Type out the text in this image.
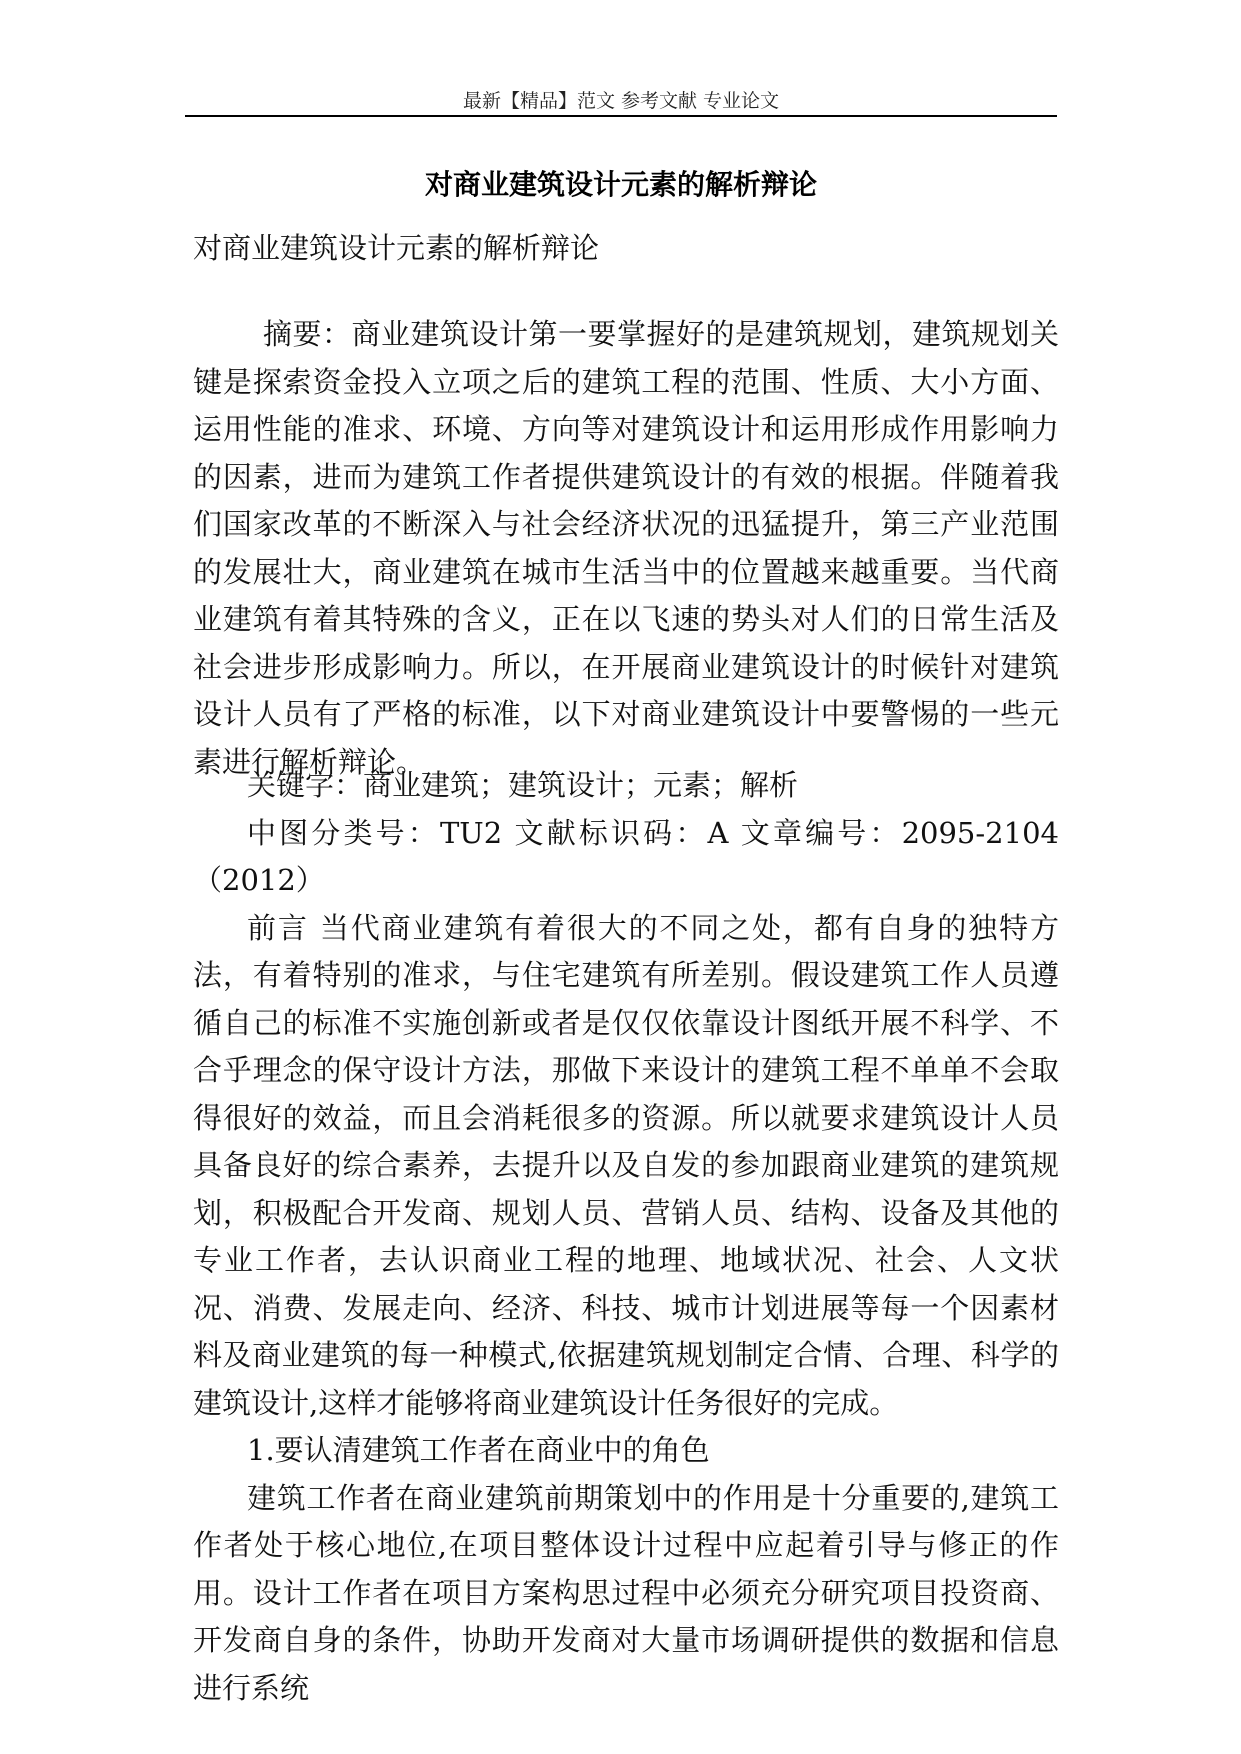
最新【精品】范文 参考文献 专业论文
对商业建筑设计元素的解析辩论
对商业建筑设计元素的解析辩论

摘要：商业建筑设计第一要掌握好的是建筑规划，建筑规划关键是探索资金投入立项之后的建筑工程的范围、性质、大小方面、运用性能的准求、环境、方向等对建筑设计和运用形成作用影响力的因素，进而为建筑工作者提供建筑设计的有效的根据。伴随着我们国家改革的不断深入与社会经济状况的迅猛提升，第三产业范围的发展壮大，商业建筑在城市生活当中的位置越来越重要。当代商业建筑有着其特殊的含义，正在以飞速的势头对人们的日常生活及社会进步形成影响力。所以，在开展商业建筑设计的时候针对建筑设计人员有了严格的标准，以下对商业建筑设计中要警惕的一些元素进行解析辩论。

关键字：商业建筑；建筑设计；元素；解析

中图分类号：TU2 文献标识码：A 文章编号：2095-2104（2012）

前言 当代商业建筑有着很大的不同之处，都有自身的独特方法，有着特别的准求，与住宅建筑有所差别。假设建筑工作人员遵循自己的标准不实施创新或者是仅仅依靠设计图纸开展不科学、不合乎理念的保守设计方法，那做下来设计的建筑工程不单单不会取得很好的效益，而且会消耗很多的资源。所以就要求建筑设计人员具备良好的综合素养，去提升以及自发的参加跟商业建筑的建筑规划，积极配合开发商、规划人员、营销人员、结构、设备及其他的专业工作者，去认识商业工程的地理、地域状况、社会、人文状况、消费、发展走向、经济、科技、城市计划进展等每一个因素材料及商业建筑的每一种模式,依据建筑规划制定合情、合理、科学的建筑设计,这样才能够将商业建筑设计任务很好的完成。

1.要认清建筑工作者在商业中的角色

建筑工作者在商业建筑前期策划中的作用是十分重要的,建筑工作者处于核心地位,在项目整体设计过程中应起着引导与修正的作用。设计工作者在项目方案构思过程中必须充分研究项目投资商、开发商自身的条件，协助开发商对大量市场调研提供的数据和信息进行系统
